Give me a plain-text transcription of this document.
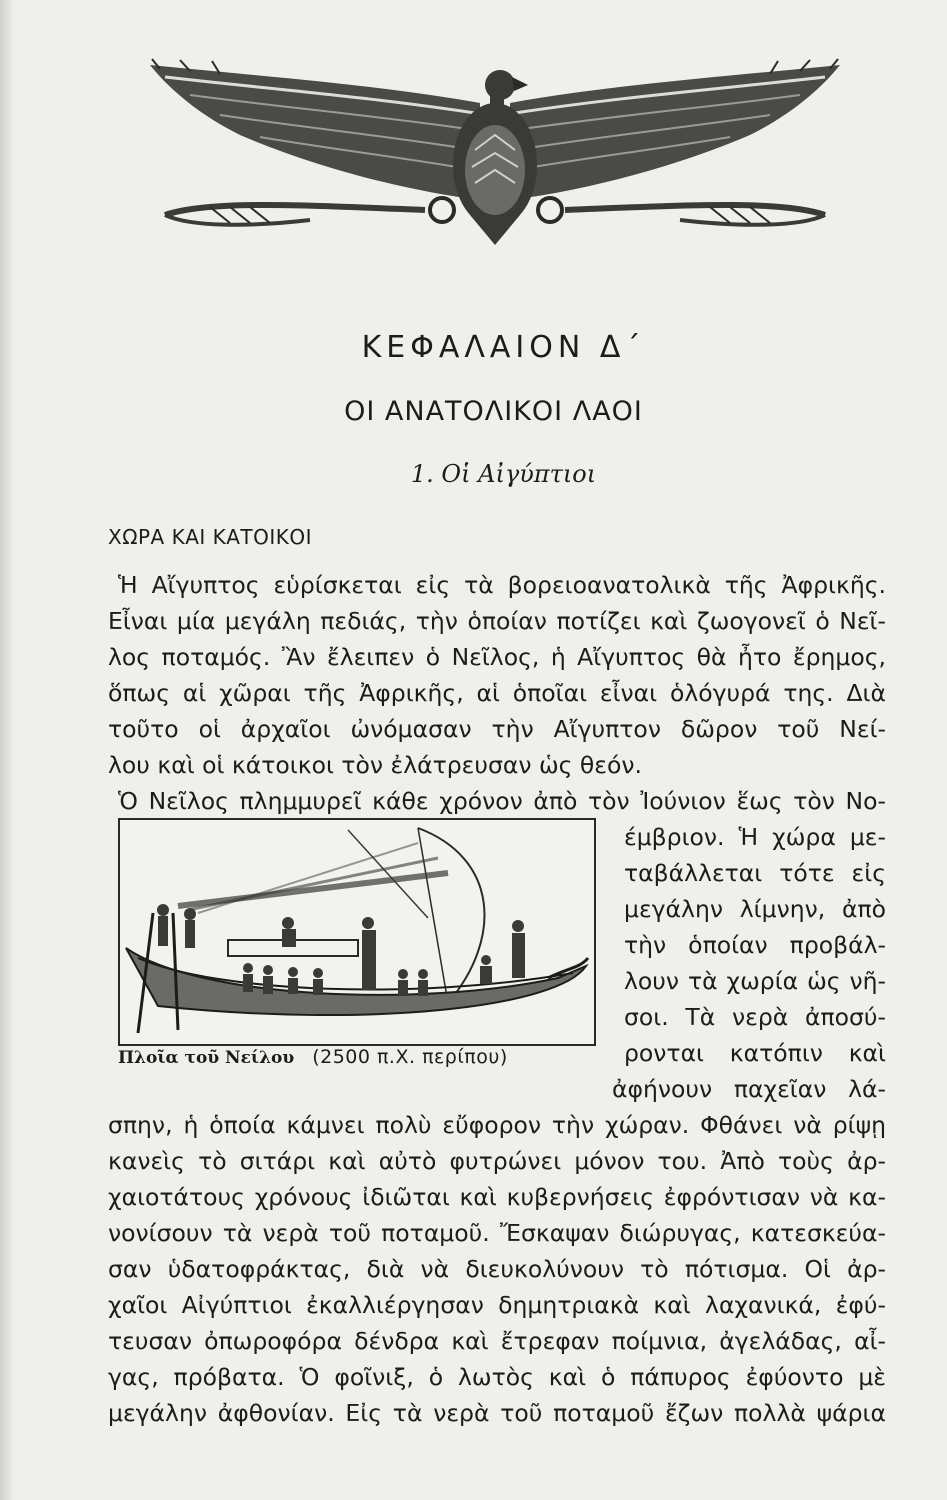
ΚΕΦΑΛΑΙΟΝ Δ΄
ΟΙ ΑΝΑΤΟΛΙΚΟΙ ΛΑΟΙ
1. Οἱ Αἰγύπτιοι
ΧΩΡΑ ΚΑΙ ΚΑΤΟΙΚΟΙ
Ἡ Αἴγυπτος εὑρίσκεται εἰς τὰ βορειοανατολικὰ τῆς Ἀφρικῆς.
Εἶναι μία μεγάλη πεδιάς, τὴν ὁποίαν ποτίζει καὶ ζωογονεῖ ὁ Νεῖ-
λος ποταμός. Ἂν ἔλειπεν ὁ Νεῖλος, ἡ Αἴγυπτος θὰ ἦτο ἔρημος,
ὅπως αἱ χῶραι τῆς Ἀφρικῆς, αἱ ὁποῖαι εἶναι ὁλόγυρά της. Διὰ
τοῦτο οἱ ἀρχαῖοι ὠνόμασαν τὴν Αἴγυπτον δῶρον τοῦ Νεί-
λου καὶ οἱ κάτοικοι τὸν ἐλάτρευσαν ὡς θεόν.
Ὁ Νεῖλος πλημμυρεῖ κάθε χρόνον ἀπὸ τὸν Ἰούνιον ἕως τὸν Νο-
Πλοῖα τοῦ Νείλου (2500 π.Χ. περίπου)
έμβριον. Ἡ χώρα με-
ταβάλλεται τότε εἰς
μεγάλην λίμνην, ἀπὸ
τὴν ὁποίαν προβάλ-
λουν τὰ χωρία ὡς νῆ-
σοι. Τὰ νερὰ ἀποσύ-
ρονται κατόπιν καὶ
ἀφήνουν παχεῖαν λά-
σπην, ἡ ὁποία κάμνει πολὺ εὔφορον τὴν χώραν. Φθάνει νὰ ρίψῃ
κανεὶς τὸ σιτάρι καὶ αὐτὸ φυτρώνει μόνον του. Ἀπὸ τοὺς ἀρ-
χαιοτάτους χρόνους ἰδιῶται καὶ κυβερνήσεις ἐφρόντισαν νὰ κα-
νονίσουν τὰ νερὰ τοῦ ποταμοῦ. Ἔσκαψαν διώρυγας, κατεσκεύα-
σαν ὑδατοφράκτας, διὰ νὰ διευκολύνουν τὸ πότισμα. Οἱ ἀρ-
χαῖοι Αἰγύπτιοι ἐκαλλιέργησαν δημητριακὰ καὶ λαχανικά, ἐφύ-
τευσαν ὀπωροφόρα δένδρα καὶ ἔτρεφαν ποίμνια, ἀγελάδας, αἶ-
γας, πρόβατα. Ὁ φοῖνιξ, ὁ λωτὸς καὶ ὁ πάπυρος ἐφύοντο μὲ
μεγάλην ἀφθονίαν. Εἰς τὰ νερὰ τοῦ ποταμοῦ ἔζων πολλὰ ψάρια
